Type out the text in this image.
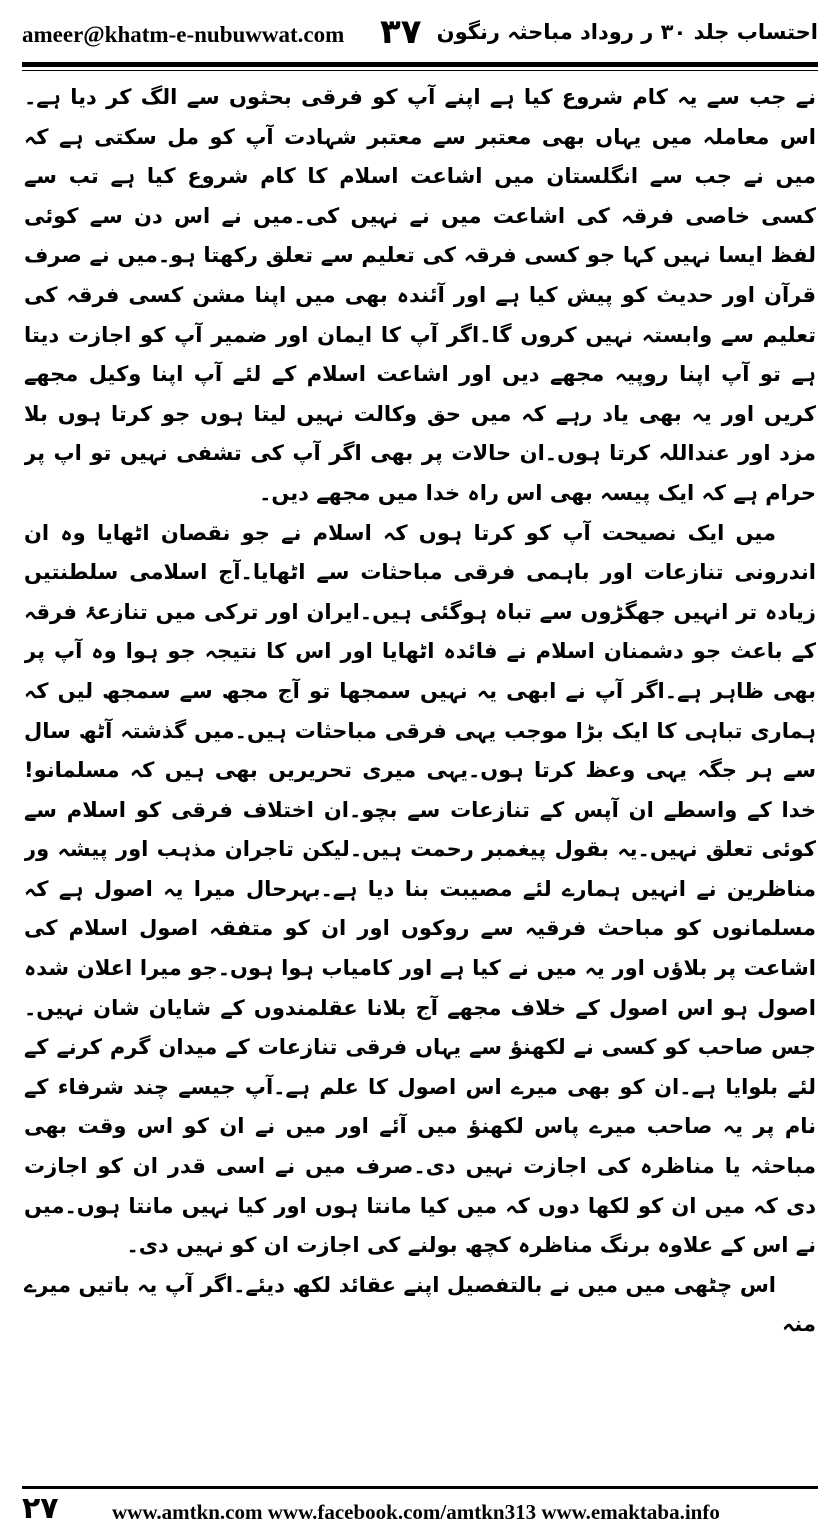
ameer@khatm-e-nubuwwat.com ۳۷ احتساب جلد ۳۰ ر روداد مباحثہ رنگون

نے جب سے یہ کام شروع کیا ہے اپنے آپ کو فرقی بحثوں سے الگ کر دیا ہے۔اس معاملہ میں یہاں بھی معتبر سے معتبر شہادت آپ کو مل سکتی ہے کہ میں نے جب سے انگلستان میں اشاعت اسلام کا کام شروع کیا ہے تب سے کسی خاصی فرقہ کی اشاعت میں نے نہیں کی۔میں نے اس دن سے کوئی لفظ ایسا نہیں کہا جو کسی فرقہ کی تعلیم سے تعلق رکھتا ہو۔میں نے صرف قرآن اور حدیث کو پیش کیا ہے اور آئندہ بھی میں اپنا مشن کسی فرقہ کی تعلیم سے وابستہ نہیں کروں گا۔اگر آپ کا ایمان اور ضمیر آپ کو اجازت دیتا ہے تو آپ اپنا روپیہ مجھے دیں اور اشاعت اسلام کے لئے آپ اپنا وکیل مجھے کریں اور یہ بھی یاد رہے کہ میں حق وکالت نہیں لیتا ہوں جو کرتا ہوں بلا مزد اور عنداللہ کرتا ہوں۔ان حالات پر بھی اگر آپ کی تشفی نہیں تو اپ پر حرام ہے کہ ایک پیسہ بھی اس راہ خدا میں مجھے دیں۔

میں ایک نصیحت آپ کو کرتا ہوں کہ اسلام نے جو نقصان اٹھایا وہ ان اندرونی تنازعات اور باہمی فرقی مباحثات سے اٹھایا۔آج اسلامی سلطنتیں زیادہ تر انہیں جھگڑوں سے تباہ ہوگئی ہیں۔ایران اور ترکی میں تنازعۂ فرقہ کے باعث جو دشمنان اسلام نے فائدہ اٹھایا اور اس کا نتیجہ جو ہوا وہ آپ پر بھی ظاہر ہے۔اگر آپ نے ابھی یہ نہیں سمجھا تو آج مجھ سے سمجھ لیں کہ ہماری تباہی کا ایک بڑا موجب یہی فرقی مباحثات ہیں۔میں گذشتہ آٹھ سال سے ہر جگہ یہی وعظ کرتا ہوں۔یہی میری تحریریں بھی ہیں کہ مسلمانو! خدا کے واسطے ان آپس کے تنازعات سے بچو۔ان اختلاف فرقی کو اسلام سے کوئی تعلق نہیں۔یہ بقول پیغمبر رحمت ہیں۔لیکن تاجران مذہب اور پیشہ ور مناظرین نے انہیں ہمارے لئے مصیبت بنا دیا ہے۔بہرحال میرا یہ اصول ہے کہ مسلمانوں کو مباحث فرقیہ سے روکوں اور ان کو متفقہ اصول اسلام کی اشاعت پر بلاؤں اور یہ میں نے کیا ہے اور کامیاب ہوا ہوں۔جو میرا اعلان شدہ اصول ہو اس اصول کے خلاف مجھے آج بلانا عقلمندوں کے شایان شان نہیں۔جس صاحب کو کسی نے لکھنؤ سے یہاں فرقی تنازعات کے میدان گرم کرنے کے لئے بلوایا ہے۔ان کو بھی میرے اس اصول کا علم ہے۔آپ جیسے چند شرفاء کے نام پر یہ صاحب میرے پاس لکھنؤ میں آئے اور میں نے ان کو اس وقت بھی مباحثہ یا مناظرہ کی اجازت نہیں دی۔صرف میں نے اسی قدر ان کو اجازت دی کہ میں ان کو لکھا دوں کہ میں کیا مانتا ہوں اور کیا نہیں مانتا ہوں۔میں نے اس کے علاوہ برنگ مناظرہ کچھ بولنے کی اجازت ان کو نہیں دی۔

اس چٹھی میں میں نے بالتفصیل اپنے عقائد لکھ دیئے۔اگر آپ یہ باتیں میرے منہ

۲۷	www.amtkn.com www.facebook.com/amtkn313 www.emaktaba.info
